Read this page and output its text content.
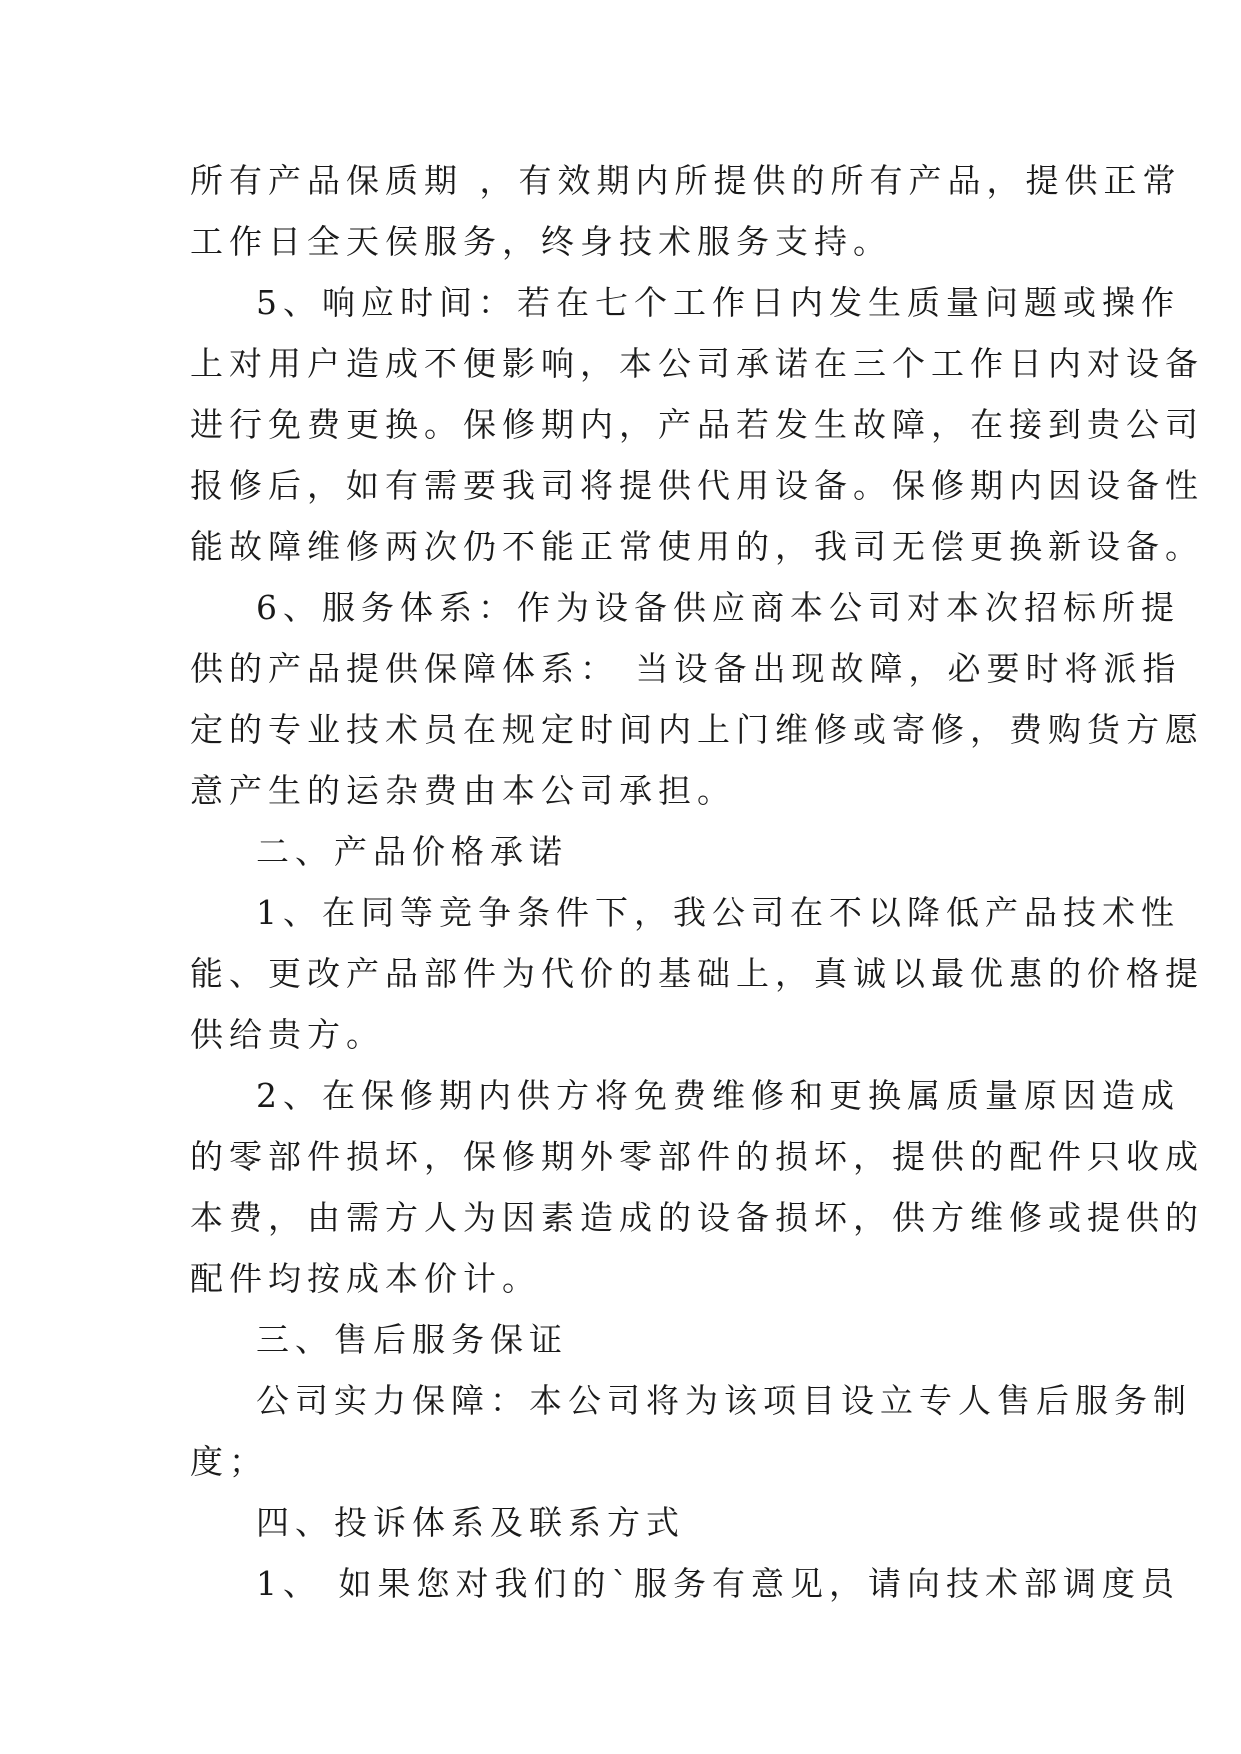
所有产品保质期 ，有效期内所提供的所有产品，提供正常
工作日全天侯服务，终身技术服务支持。
5、响应时间：若在七个工作日内发生质量问题或操作
上对用户造成不便影响，本公司承诺在三个工作日内对设备
进行免费更换。保修期内，产品若发生故障，在接到贵公司
报修后，如有需要我司将提供代用设备。保修期内因设备性
能故障维修两次仍不能正常使用的，我司无偿更换新设备。
6、服务体系：作为设备供应商本公司对本次招标所提
供的产品提供保障体系： 当设备出现故障，必要时将派指
定的专业技术员在规定时间内上门维修或寄修，费购货方愿
意产生的运杂费由本公司承担。
二、产品价格承诺
1、在同等竞争条件下，我公司在不以降低产品技术性
能、更改产品部件为代价的基础上，真诚以最优惠的价格提
供给贵方。
2、在保修期内供方将免费维修和更换属质量原因造成
的零部件损坏，保修期外零部件的损坏，提供的配件只收成
本费，由需方人为因素造成的设备损坏，供方维修或提供的
配件均按成本价计。
三、售后服务保证
公司实力保障：本公司将为该项目设立专人售后服务制
度；
四、投诉体系及联系方式
1、 如果您对我们的`服务有意见，请向技术部调度员
